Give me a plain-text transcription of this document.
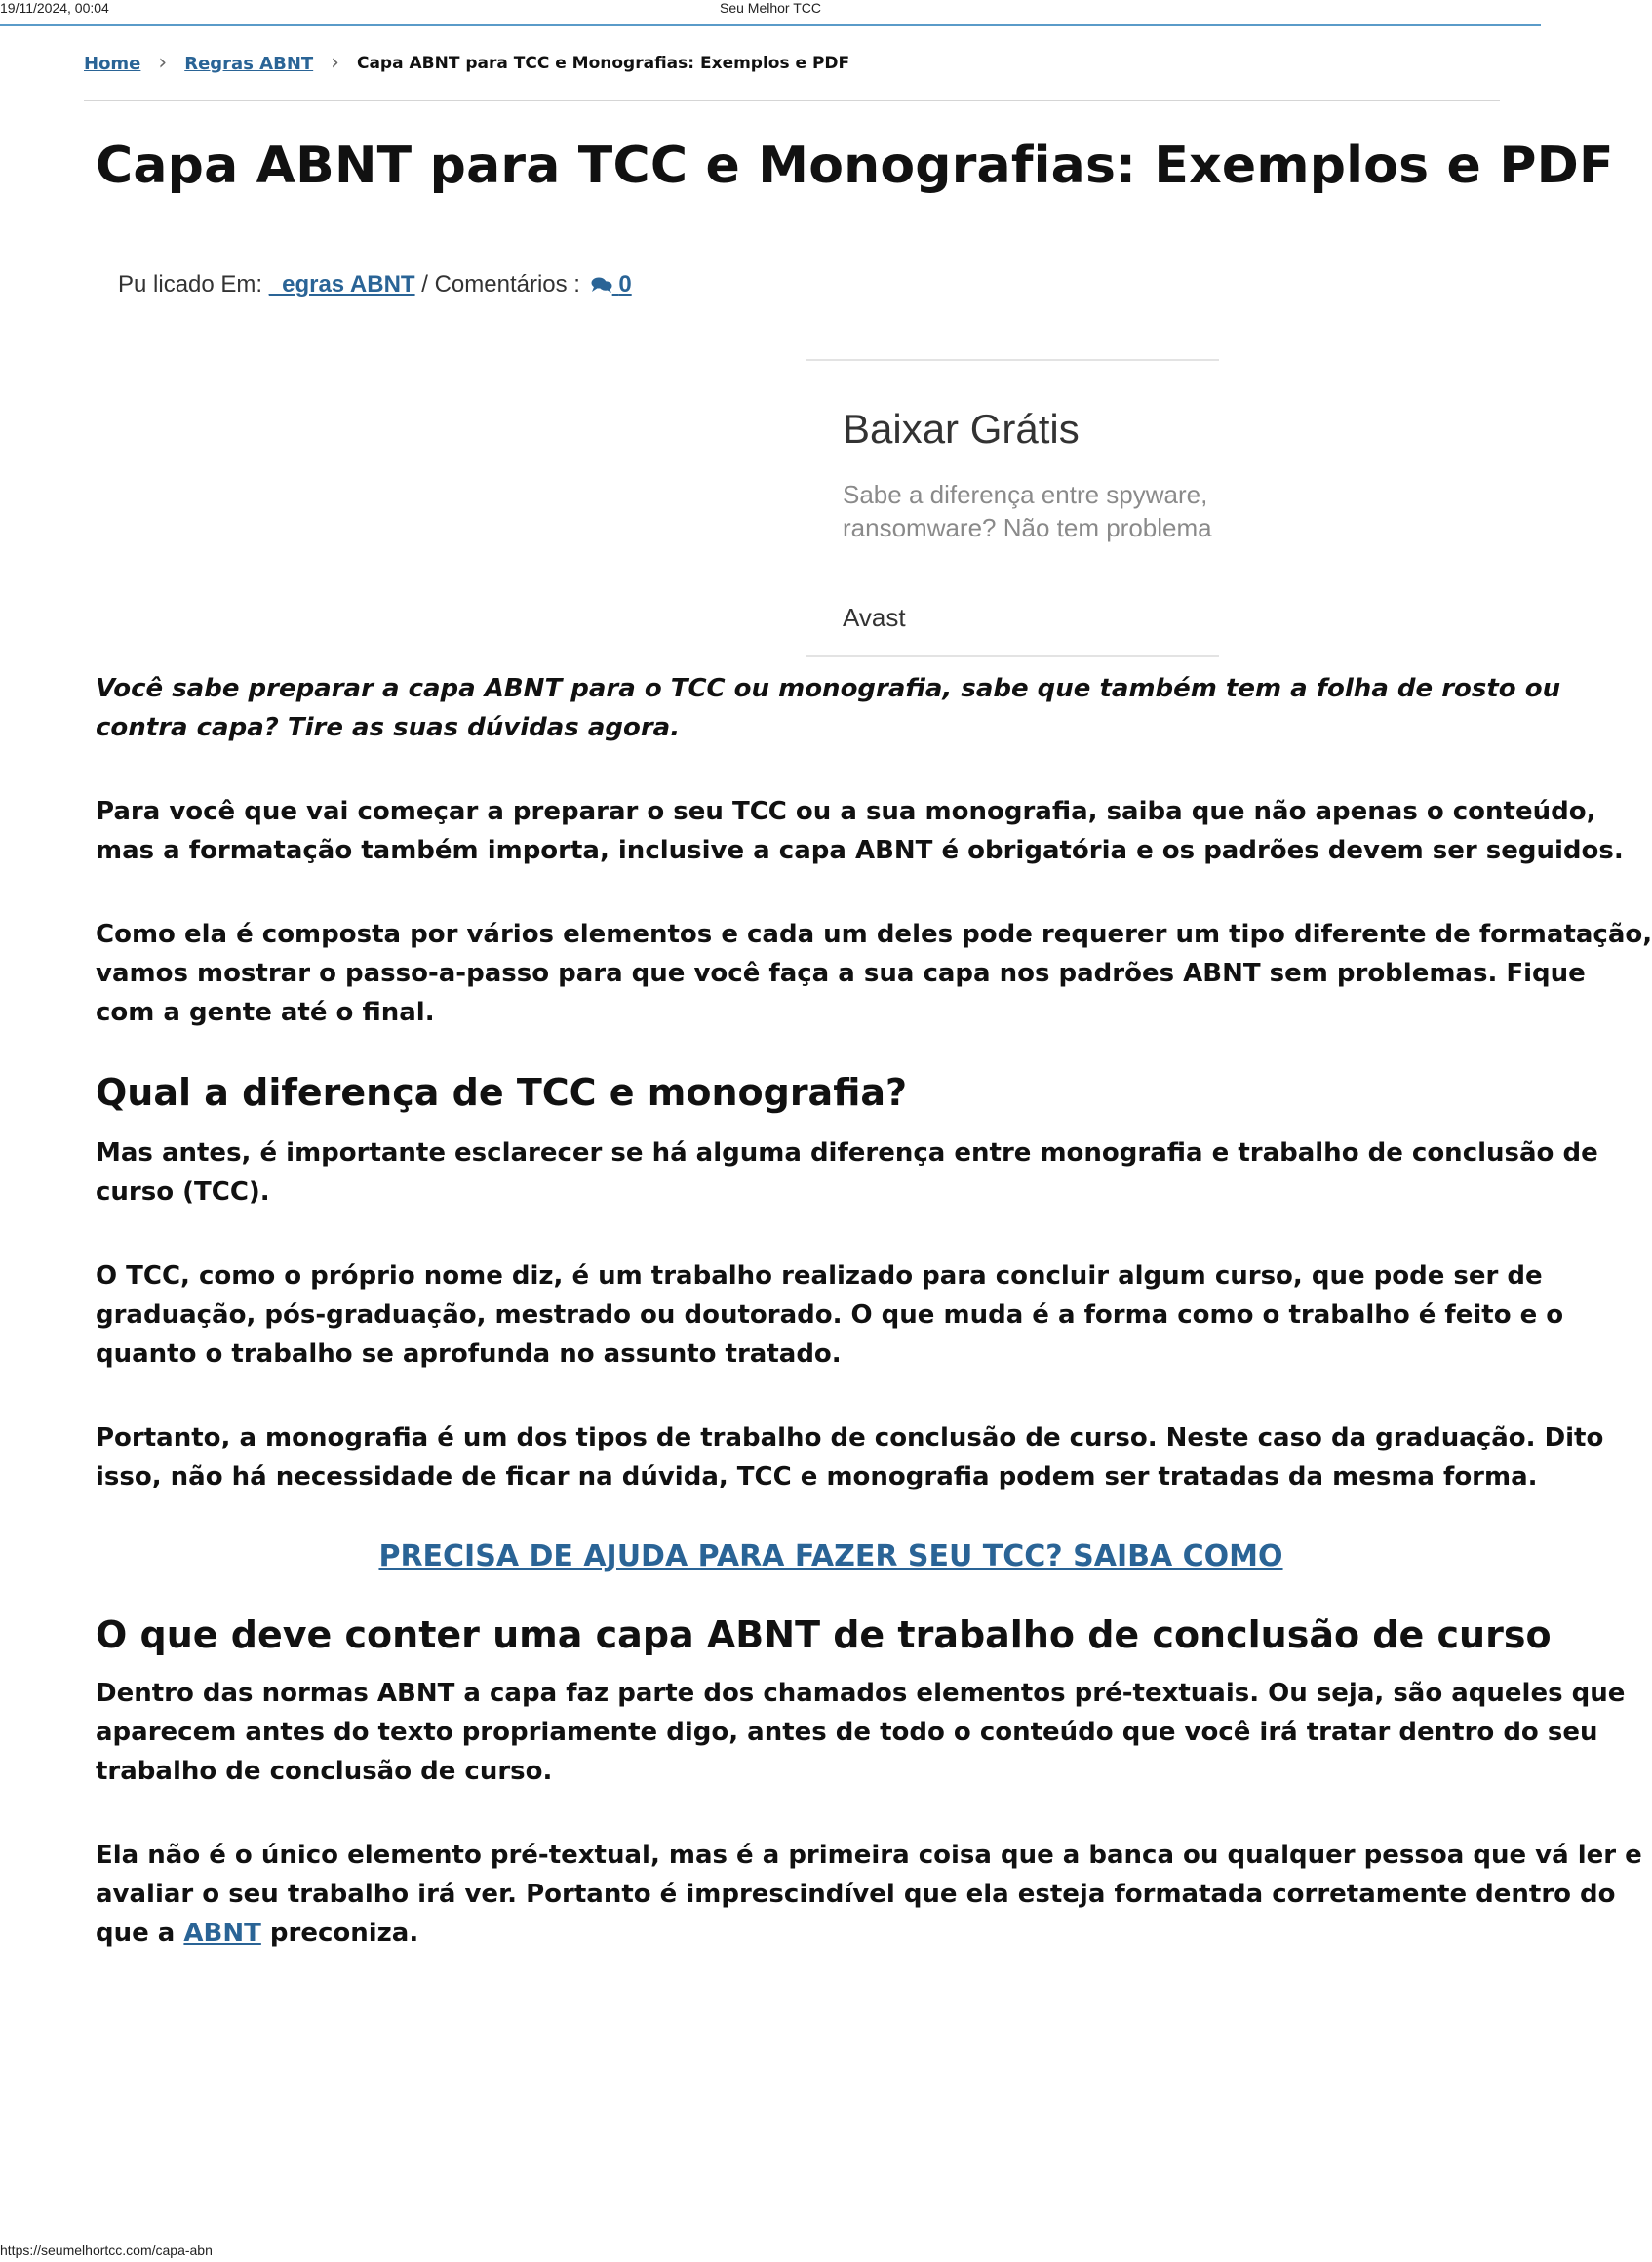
19/11/2024, 00:04	Seu Melhor TCC
Home › Regras ABNT › Capa ABNT para TCC e Monografias: Exemplos e PDF
Capa ABNT para TCC e Monografias: Exemplos e PDF
Pu licado Em: _egras ABNT / Comentários : 0
Baixar Grátis
Sabe a diferença entre spyware,
ransomware? Não tem problema
Avast
Você sabe preparar a capa ABNT para o TCC ou monografia, sabe que também tem a folha de rosto ou
contra capa? Tire as suas dúvidas agora.
Para você que vai começar a preparar o seu TCC ou a sua monografia, saiba que não apenas o conteúdo,
mas a formatação também importa, inclusive a capa ABNT é obrigatória e os padrões devem ser seguidos.
Como ela é composta por vários elementos e cada um deles pode requerer um tipo diferente de formatação,
vamos mostrar o passo-a-passo para que você faça a sua capa nos padrões ABNT sem problemas. Fique
com a gente até o final.
Qual a diferença de TCC e monografia?
Mas antes, é importante esclarecer se há alguma diferença entre monografia e trabalho de conclusão de
curso (TCC).
O TCC, como o próprio nome diz, é um trabalho realizado para concluir algum curso, que pode ser de
graduação, pós-graduação, mestrado ou doutorado. O que muda é a forma como o trabalho é feito e o
quanto o trabalho se aprofunda no assunto tratado.
Portanto, a monografia é um dos tipos de trabalho de conclusão de curso. Neste caso da graduação. Dito
isso, não há necessidade de ficar na dúvida, TCC e monografia podem ser tratadas da mesma forma.
PRECISA DE AJUDA PARA FAZER SEU TCC? SAIBA COMO
O que deve conter uma capa ABNT de trabalho de conclusão de curso
Dentro das normas ABNT a capa faz parte dos chamados elementos pré-textuais. Ou seja, são aqueles que
aparecem antes do texto propriamente digo, antes de todo o conteúdo que você irá tratar dentro do seu
trabalho de conclusão de curso.
Ela não é o único elemento pré-textual, mas é a primeira coisa que a banca ou qualquer pessoa que vá ler e
avaliar o seu trabalho irá ver. Portanto é imprescindível que ela esteja formatada corretamente dentro do
que a ABNT preconiza.
https://seumelhortcc.com/capa-abn
